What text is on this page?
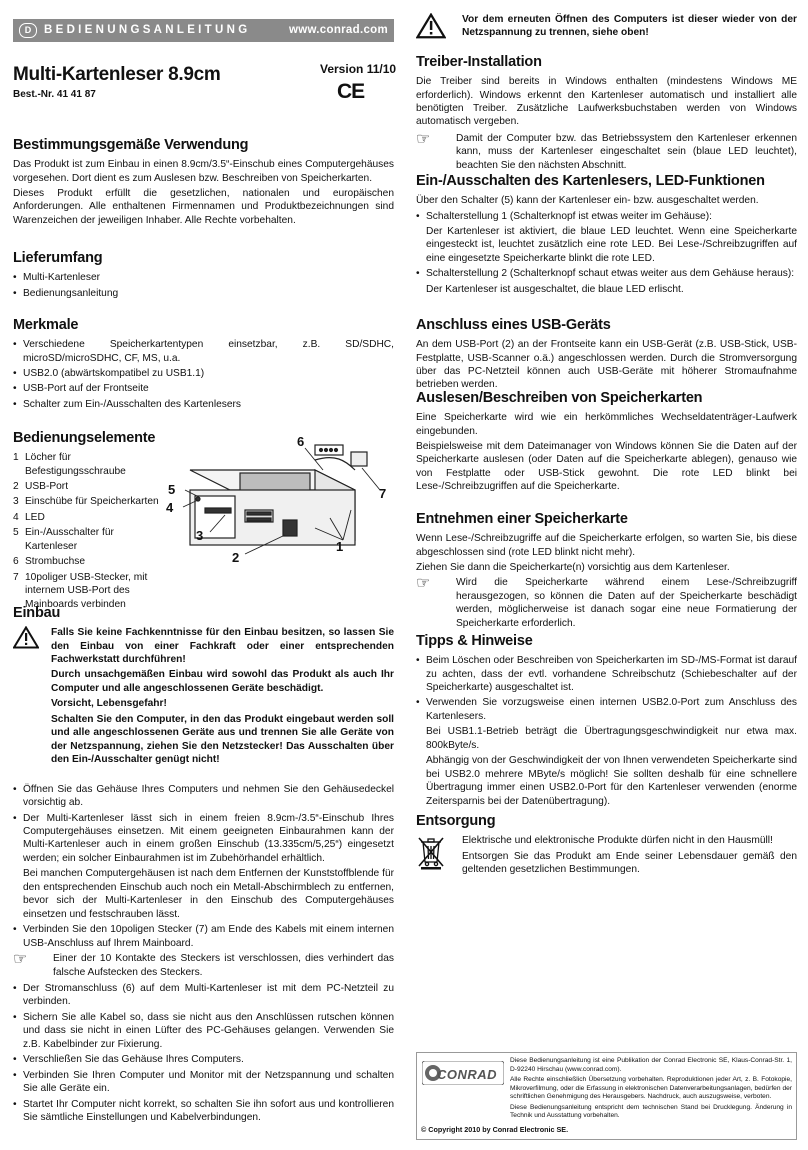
D	BEDIENUNGSANLEITUNG	www.conrad.com
Multi-Kartenleser 8.9cm
Best.-Nr. 41 41 87
Version 11/10
CE
Bestimmungsgemäße Verwendung

Das Produkt ist zum Einbau in einen 8.9cm/3.5“-Einschub eines Computergehäuses vorgesehen. Dort dient es zum Auslesen bzw. Beschreiben von Speicherkarten.

Dieses Produkt erfüllt die gesetzlichen, nationalen und europäischen Anforderungen. Alle enthaltenen Firmennamen und Produktbezeichnungen sind Warenzeichen der jeweiligen Inhaber. Alle Rechte vorbehalten.

Lieferumfang
• Multi-Kartenleser
• Bedienungsanleitung
Merkmale
• Verschiedene Speicherkartentypen einsetzbar, z.B. SD/SDHC, microSD/microSDHC, CF, MS, u.a.
• USB2.0 (abwärtskompatibel zu USB1.1)
• USB-Port auf der Frontseite
• Schalter zum Ein-/Ausschalten des Kartenlesers
Bedienungselemente
1 Löcher für Befestigungsschraube
2 USB-Port
3 Einschübe für Speicherkarten
4 LED
5 Ein-/Ausschalter für Kartenleser
6 Strombuchse
7 10poliger USB-Stecker, mit internem USB-Port des Mainboards verbinden
6
5
4
3
2
1
7
Einbau

Falls Sie keine Fachkenntnisse für den Einbau besitzen, so lassen Sie den Einbau von einer Fachkraft oder einer entsprechenden Fachwerkstatt durchführen!

Durch unsachgemäßen Einbau wird sowohl das Produkt als auch Ihr Computer und alle angeschlossenen Geräte beschädigt.

Vorsicht, Lebensgefahr!

Schalten Sie den Computer, in den das Produkt eingebaut werden soll und alle angeschlossenen Geräte aus und trennen Sie alle Geräte von der Netzspannung, ziehen Sie den Netzstecker! Das Ausschalten über den Ein-/Ausschalter genügt nicht!

• Öffnen Sie das Gehäuse Ihres Computers und nehmen Sie den Gehäusedeckel vorsichtig ab.
• Der Multi-Kartenleser lässt sich in einem freien 8.9cm-/3.5“-Einschub Ihres Computergehäuses einsetzen. Mit einem geeigneten Einbaurahmen kann der Multi-Kartenleser auch in einem großen Einschub (13.335cm/5,25“) eingesetzt werden; ein solcher Einbaurahmen ist im Zubehörhandel erhältlich.
Bei manchen Computergehäusen ist nach dem Entfernen der Kunststoffblende für den entsprechenden Einschub auch noch ein Metall-Abschirmblech zu entfernen, bevor sich der Multi-Kartenleser in den Einschub des Computergehäuses einsetzen und festschrauben lässt.
• Verbinden Sie den 10poligen Stecker (7) am Ende des Kabels mit einem internen USB-Anschluss auf Ihrem Mainboard.
☞	Einer der 10 Kontakte des Steckers ist verschlossen, dies verhindert das falsche Aufstecken des Steckers.
• Der Stromanschluss (6) auf dem Multi-Kartenleser ist mit dem PC-Netzteil zu verbinden.
• Sichern Sie alle Kabel so, dass sie nicht aus den Anschlüssen rutschen können und dass sie nicht in einen Lüfter des PC-Gehäuses gelangen. Verwenden Sie z.B. Kabelbinder zur Fixierung.
• Verschließen Sie das Gehäuse Ihres Computers.
• Verbinden Sie Ihren Computer und Monitor mit der Netzspannung und schalten Sie alle Geräte ein.
• Startet Ihr Computer nicht korrekt, so schalten Sie ihn sofort aus und kontrollieren Sie sämtliche Einstellungen und Kabelverbindungen.

Vor dem erneuten Öffnen des Computers ist dieser wieder von der Netzspannung zu trennen, siehe oben!

Treiber-Installation

Die Treiber sind bereits in Windows enthalten (mindestens Windows ME erforderlich). Windows erkennt den Kartenleser automatisch und installiert alle benötigten Treiber. Zusätzliche Laufwerksbuchstaben werden von Windows automatisch vergeben.

☞	Damit der Computer bzw. das Betriebssystem den Kartenleser erkennen kann, muss der Kartenleser eingeschaltet sein (blaue LED leuchtet), beachten Sie den nächsten Abschnitt.
Ein-/Ausschalten des Kartenlesers, LED-Funktionen

Über den Schalter (5) kann der Kartenleser ein- bzw. ausgeschaltet werden.

• Schalterstellung 1 (Schalterknopf ist etwas weiter im Gehäuse):
Der Kartenleser ist aktiviert, die blaue LED leuchtet. Wenn eine Speicherkarte eingesteckt ist, leuchtet zusätzlich eine rote LED. Bei Lese-/Schreibzugriffen auf eine eingesetzte Speicherkarte blinkt die rote LED.
• Schalterstellung 2 (Schalterknopf schaut etwas weiter aus dem Gehäuse heraus):
Der Kartenleser ist ausgeschaltet, die blaue LED erlischt.
Anschluss eines USB-Geräts

An dem USB-Port (2) an der Frontseite kann ein USB-Gerät (z.B. USB-Stick, USB-Festplatte, USB-Scanner o.ä.) angeschlossen werden. Durch die Stromversorgung über das PC-Netzteil können auch USB-Geräte mit höherer Stromaufnahme betrieben werden.

Auslesen/Beschreiben von Speicherkarten

Eine Speicherkarte wird wie ein herkömmliches Wechseldatenträger-Laufwerk eingebunden.

Beispielsweise mit dem Dateimanager von Windows können Sie die Daten auf der Speicherkarte auslesen (oder Daten auf die Speicherkarte ablegen), genauso wie von Festplatte oder USB-Stick gewohnt. Die rote LED blinkt bei Lese-/Schreibzugriffen auf die Speicherkarte.

Entnehmen einer Speicherkarte

Wenn Lese-/Schreibzugriffe auf die Speicherkarte erfolgen, so warten Sie, bis diese abgeschlossen sind (rote LED blinkt nicht mehr).

Ziehen Sie dann die Speicherkarte(n) vorsichtig aus dem Kartenleser.

☞	Wird die Speicherkarte während einem Lese-/Schreibzugriff herausgezogen, so können die Daten auf der Speicherkarte beschädigt werden, möglicherweise ist danach sogar eine neue Formatierung der Speicherkarte erforderlich.
Tipps & Hinweise
• Beim Löschen oder Beschreiben von Speicherkarten im SD-/MS-Format ist darauf zu achten, dass der evtl. vorhandene Schreibschutz (Schiebeschalter auf der Speicherkarte) ausgeschaltet ist.
• Verwenden Sie vorzugsweise einen internen USB2.0-Port zum Anschluss des Kartenlesers.
Bei USB1.1-Betrieb beträgt die Übertragungsgeschwindigkeit nur etwa max. 800kByte/s.
Abhängig von der Geschwindigkeit der von Ihnen verwendeten Speicherkarte sind bei USB2.0 mehrere MByte/s möglich! Sie sollten deshalb für eine schnellere Übertragung immer einen USB2.0-Port für den Kartenleser verwenden (enorme Zeitersparnis bei der Datenübertragung).
Entsorgung

Elektrische und elektronische Produkte dürfen nicht in den Hausmüll!

Entsorgen Sie das Produkt am Ende seiner Lebensdauer gemäß den geltenden gesetzlichen Bestimmungen.

CONRAD
Diese Bedienungsanleitung ist eine Publikation der Conrad Electronic SE, Klaus-Conrad-Str. 1, D-92240 Hirschau (www.conrad.com).
Alle Rechte einschließlich Übersetzung vorbehalten. Reproduktionen jeder Art, z. B. Fotokopie, Mikroverfilmung, oder die Erfassung in elektronischen Datenverarbeitungsanlagen, bedürfen der schriftlichen Genehmigung des Herausgebers. Nachdruck, auch auszugsweise, verboten.
Diese Bedienungsanleitung entspricht dem technischen Stand bei Drucklegung. Änderung in Technik und Ausstattung vorbehalten.
© Copyright 2010 by Conrad Electronic SE.
